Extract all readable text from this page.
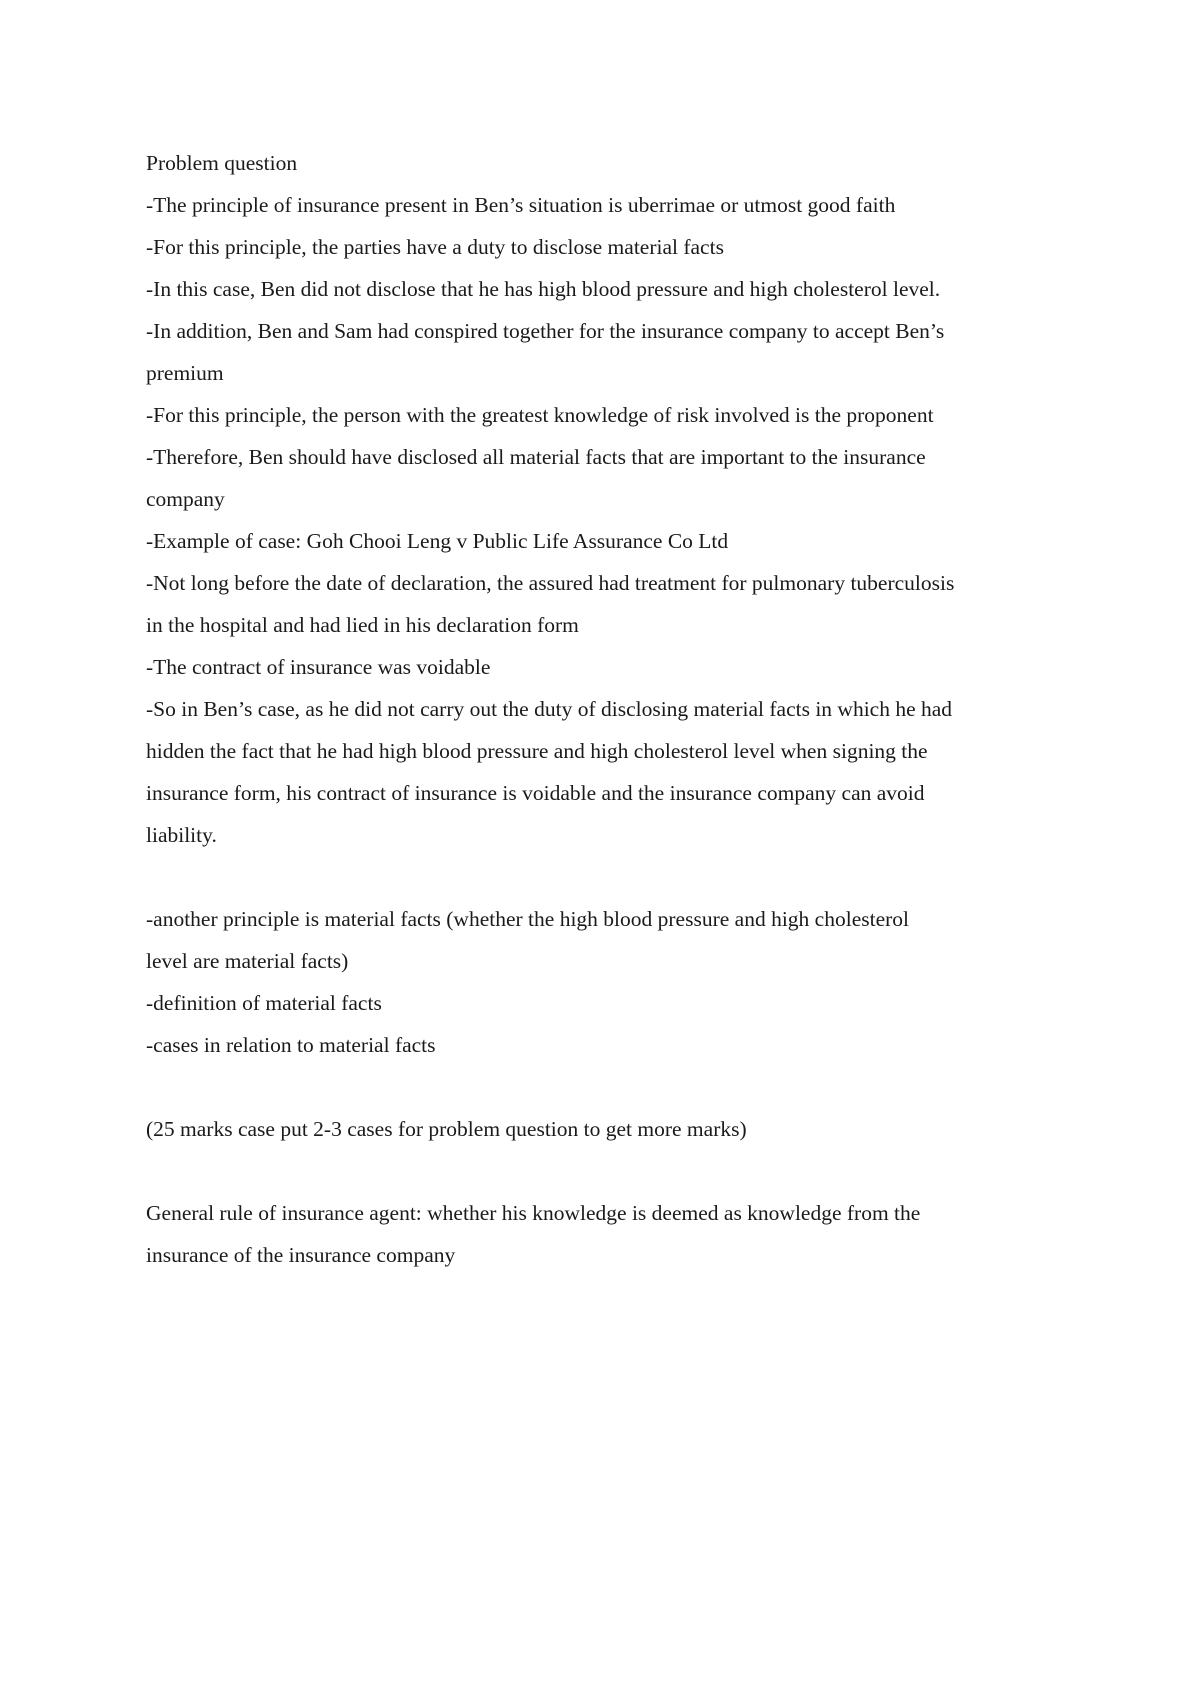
Problem question
-The principle of insurance present in Ben’s situation is uberrimae or utmost good faith
-For this principle, the parties have a duty to disclose material facts
-In this case, Ben did not disclose that he has high blood pressure and high cholesterol level.
-In addition, Ben and Sam had conspired together for the insurance company to accept Ben’s
premium
-For this principle, the person with the greatest knowledge of risk involved is the proponent
-Therefore, Ben should have disclosed all material facts that are important to the insurance
company
-Example of case: Goh Chooi Leng v Public Life Assurance Co Ltd
-Not long before the date of declaration, the assured had treatment for pulmonary tuberculosis
in the hospital and had lied in his declaration form
-The contract of insurance was voidable
-So in Ben’s case, as he did not carry out the duty of disclosing material facts in which he had
hidden the fact that he had high blood pressure and high cholesterol level when signing the
insurance form, his contract of insurance is voidable and the insurance company can avoid
liability.
-another principle is material facts (whether the high blood pressure and high cholesterol
level are material facts)
-definition of material facts
-cases in relation to material facts
(25 marks case put 2-3 cases for problem question to get more marks)
General rule of insurance agent: whether his knowledge is deemed as knowledge from the
insurance of the insurance company
